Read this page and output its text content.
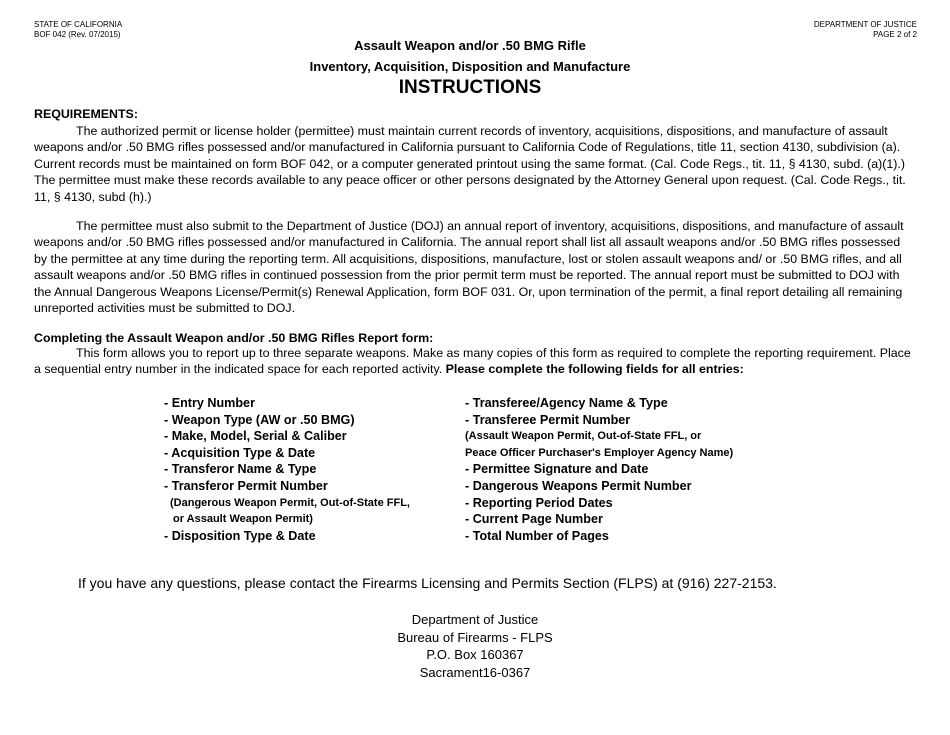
STATE OF CALIFORNIA
BOF 042 (Rev. 07/2015)
DEPARTMENT OF JUSTICE
PAGE 2 of 2
Assault Weapon and/or .50 BMG Rifle
Inventory, Acquisition, Disposition and Manufacture
INSTRUCTIONS
REQUIREMENTS:
The authorized permit or license holder (permittee) must maintain current records of inventory, acquisitions, dispositions, and manufacture of assault weapons and/or .50 BMG rifles possessed and/or manufactured in California pursuant to California Code of Regulations, title 11, section 4130, subdivision (a). Current records must be maintained on form BOF 042, or a computer generated printout using the same format. (Cal. Code Regs., tit. 11, § 4130, subd. (a)(1).) The permittee must make these records available to any peace officer or other persons designated by the Attorney General upon request. (Cal. Code Regs., tit. 11, § 4130, subd (h).)
The permittee must also submit to the Department of Justice (DOJ) an annual report of inventory, acquisitions, dispositions, and manufacture of assault weapons and/or .50 BMG rifles possessed and/or manufactured in California. The annual report shall list all assault weapons and/or .50 BMG rifles possessed by the permittee at any time during the reporting term. All acquisitions, dispositions, manufacture, lost or stolen assault weapons and/ or .50 BMG rifles, and all assault weapons and/or .50 BMG rifles in continued possession from the prior permit term must be reported. The annual report must be submitted to DOJ with the Annual Dangerous Weapons License/Permit(s) Renewal Application, form BOF 031. Or, upon termination of the permit, a final report detailing all remaining unreported activities must be submitted to DOJ.
Completing the Assault Weapon and/or .50 BMG Rifles Report form:
This form allows you to report up to three separate weapons. Make as many copies of this form as required to complete the reporting requirement. Place a sequential entry number in the indicated space for each reported activity. Please complete the following fields for all entries:
- Entry Number
- Weapon Type (AW or .50 BMG)
- Make, Model, Serial & Caliber
- Acquisition Type & Date
- Transferor Name & Type
- Transferor Permit Number
(Dangerous Weapon Permit, Out-of-State FFL,
or Assault Weapon Permit)
- Disposition Type & Date
- Transferee/Agency Name & Type
- Transferee Permit Number
(Assault Weapon Permit, Out-of-State FFL, or
Peace Officer Purchaser's Employer Agency Name)
- Permittee Signature and Date
- Dangerous Weapons Permit Number
- Reporting Period Dates
- Current Page Number
- Total Number of Pages
If you have any questions, please contact the Firearms Licensing and Permits Section (FLPS) at (916) 227-2153.
Department of Justice
Bureau of Firearms - FLPS
P.O. Box 160367
Sacrament16-0367
